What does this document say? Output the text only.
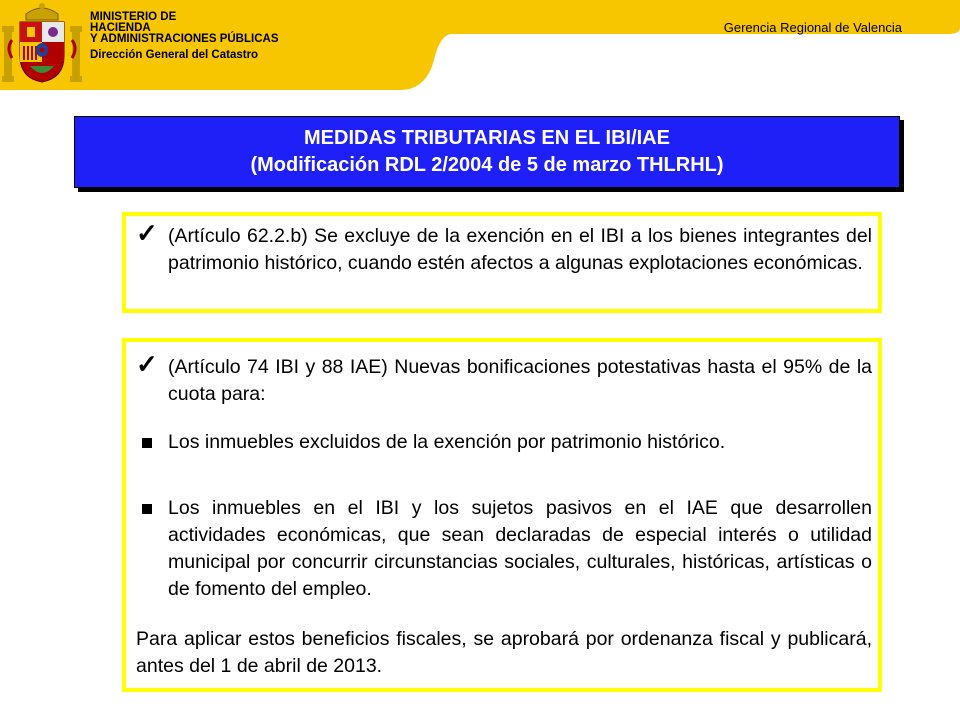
MINISTERIO DE
HACIENDA
Y ADMINISTRACIONES PÚBLICAS
Dirección General del Catastro
Gerencia Regional de Valencia
MEDIDAS TRIBUTARIAS EN EL IBI/IAE
(Modificación RDL 2/2004 de 5 de marzo THLRHL)
✓ (Artículo 62.2.b) Se excluye de la exención en el IBI a los bienes integrantes del patrimonio histórico, cuando estén afectos a algunas explotaciones económicas.
✓ (Artículo 74 IBI y 88 IAE) Nuevas bonificaciones potestativas hasta el 95% de la cuota para:
Los inmuebles excluidos de la exención por patrimonio histórico.
Los inmuebles en el IBI y los sujetos pasivos en el IAE que desarrollen actividades económicas, que sean declaradas de especial interés o utilidad municipal por concurrir circunstancias sociales, culturales, históricas, artísticas o de fomento del empleo.
Para aplicar estos beneficios fiscales, se aprobará por ordenanza fiscal y publicará, antes del 1 de abril de 2013.
